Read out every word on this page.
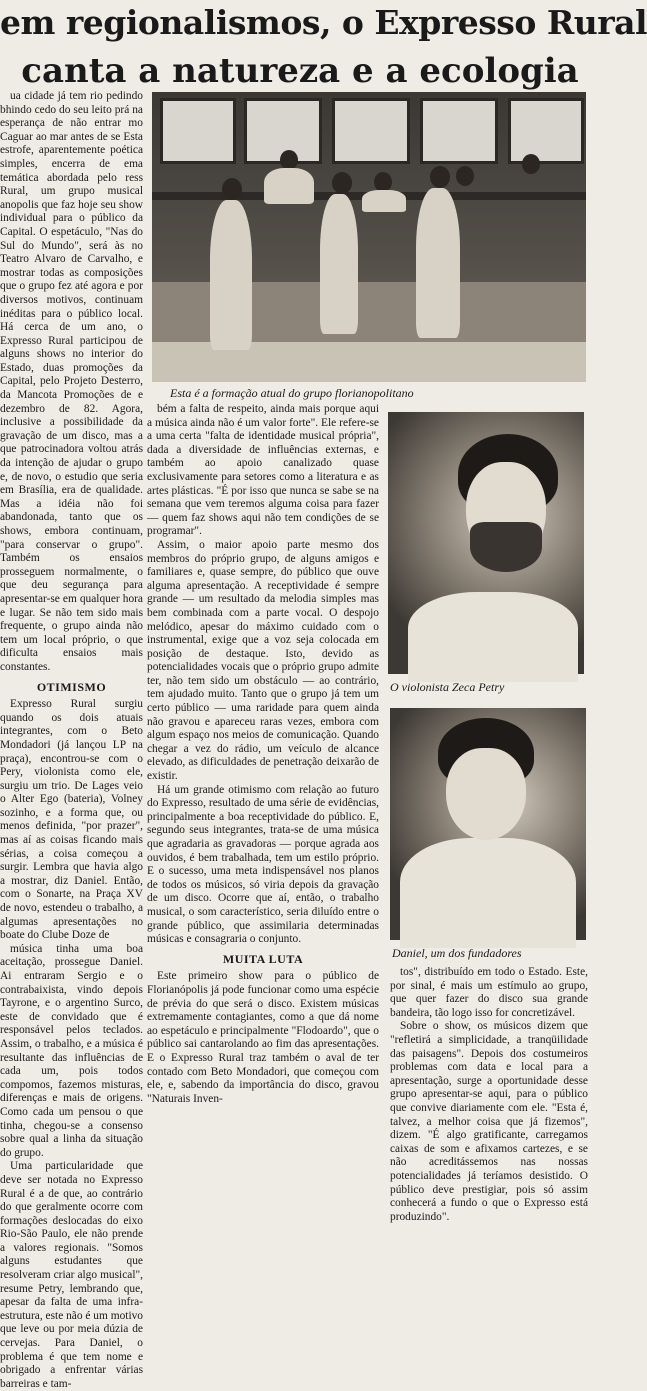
em regionalismos, o Expresso Rural
canta a natureza e a ecologia

ua cidade já tem rio pedindo bhindo cedo do seu leito prá na esperança de não entrar mo Caguar ao mar antes de se Esta estrofe, aparentemente poética simples, encerra de ema temática abordada pelo ress Rural, um grupo musical anopolis que faz hoje seu show individual para o público da Capital. O espetáculo, "Nas do Sul do Mundo", será às no Teatro Alvaro de Carvalho, e mostrar todas as composições que o grupo fez até agora e por diversos motivos, continuam inéditas para o público local. Há cerca de um ano, o Expresso Rural participou de alguns shows no interior do Estado, duas promoções da Capital, pelo Projeto Desterro, da Mancota Promoções de e dezembro de 82. Agora, inclusive a possibilidade da gravação de um disco, mas a que patrocinadora voltou atrás da intenção de ajudar o grupo e, de novo, o estudio que seria em Brasília, era de qualidade. Mas a idéia não foi abandonada, tanto que os shows, embora continuam, "para conservar o grupo". Também os ensaios prosseguem normalmente, o que deu segurança para apresentar-se em qualquer hora e lugar. Se não tem sido mais frequente, o grupo ainda não tem um local próprio, o que dificulta ensaios mais constantes.

OTIMISMO

Expresso Rural surgiu quando os dois atuais integrantes, com o Beto Mondadori (já lançou LP na praça), encontrou-se com o Pery, violonista como ele, surgiu um trio. De Lages veio o Alter Ego (bateria), Volney sozinho, e a forma que, ou menos definida, "por prazer", mas aí as coisas ficando mais sérias, a coisa começou a surgir. Lembra que havia algo a mostrar, diz Daniel. Então, com o Sonarte, na Praça XV de novo, estendeu o trabalho, a algumas apresentações no boate do Clube Doze de

música tinha uma boa aceitação, prossegue Daniel. Ai entraram Sergio e o contrabaixista, vindo depois Tayrone, e o argentino Surco, este de convidado que é responsável pelos teclados. Assim, o trabalho, e a música é resultante das influências de cada um, pois todos compomos, fazemos misturas, diferenças e mais de origens. Como cada um pensou o que tinha, chegou-se a consenso sobre qual a linha da situação do grupo.

Uma particularidade que deve ser notada no Expresso Rural é a de que, ao contrário do que geralmente ocorre com formações deslocadas do eixo Rio-São Paulo, ele não prende a valores regionais. "Somos alguns estudantes que resolveram criar algo musical", resume Petry, lembrando que, apesar da falta de uma infra-estrutura, este não é um motivo que leve ou por meia dúzia de cervejas. Para Daniel, o problema é que tem nome e obrigado a enfrentar várias barreiras e tam-

Esta é a formação atual do grupo florianopolitano

bém a falta de respeito, ainda mais porque aqui a música ainda não é um valor forte". Ele refere-se a uma certa "falta de identidade musical própria", dada a diversidade de influências externas, e também ao apoio canalizado quase exclusivamente para setores como a literatura e as artes plásticas. "É por isso que nunca se sabe se na semana que vem teremos alguma coisa para fazer — quem faz shows aqui não tem condições de se programar".

Assim, o maior apoio parte mesmo dos membros do próprio grupo, de alguns amigos e familiares e, quase sempre, do público que ouve alguma apresentação. A receptividade é sempre grande — um resultado da melodia simples mas bem combinada com a parte vocal. O despojo melódico, apesar do máximo cuidado com o instrumental, exige que a voz seja colocada em posição de destaque. Isto, devido as potencialidades vocais que o próprio grupo admite ter, não tem sido um obstáculo — ao contrário, tem ajudado muito. Tanto que o grupo já tem um certo público — uma raridade para quem ainda não gravou e apareceu raras vezes, embora com algum espaço nos meios de comunicação. Quando chegar a vez do rádio, um veículo de alcance elevado, as dificuldades de penetração deixarão de existir.

Há um grande otimismo com relação ao futuro do Expresso, resultado de uma série de evidências, principalmente a boa receptividade do público. E, segundo seus integrantes, trata-se de uma música que agradaria as gravadoras — porque agrada aos ouvidos, é bem trabalhada, tem um estilo próprio. E o sucesso, uma meta indispensável nos planos de todos os músicos, só viria depois da gravação de um disco. Ocorre que aí, então, o trabalho musical, o som característico, seria diluído entre o grande público, que assimilaria determinadas músicas e consagraria o conjunto.

MUITA LUTA

Este primeiro show para o público de Florianópolis já pode funcionar como uma espécie de prévia do que será o disco. Existem músicas extremamente contagiantes, como a que dá nome ao espetáculo e principalmente "Flodoardo", que o público sai cantarolando ao fim das apresentações. E o Expresso Rural traz também o aval de ter contado com Beto Mondadori, que começou com ele, e, sabendo da importância do disco, gravou "Naturais Inven-

O violonista Zeca Petry
Daniel, um dos fundadores

tos", distribuído em todo o Estado. Este, por sinal, é mais um estímulo ao grupo, que quer fazer do disco sua grande bandeira, tão logo isso for concretizável.

Sobre o show, os músicos dizem que "refletirá a simplicidade, a tranqüilidade das paisagens". Depois dos costumeiros problemas com data e local para a apresentação, surge a oportunidade desse grupo apresentar-se aqui, para o público que convive diariamente com ele. "Esta é, talvez, a melhor coisa que já fizemos", dizem. "É algo gratificante, carregamos caixas de som e afixamos cartezes, e se não acreditássemos nas nossas potencialidades já teríamos desistido. O público deve prestigiar, pois só assim conhecerá a fundo o que o Expresso está produzindo".
